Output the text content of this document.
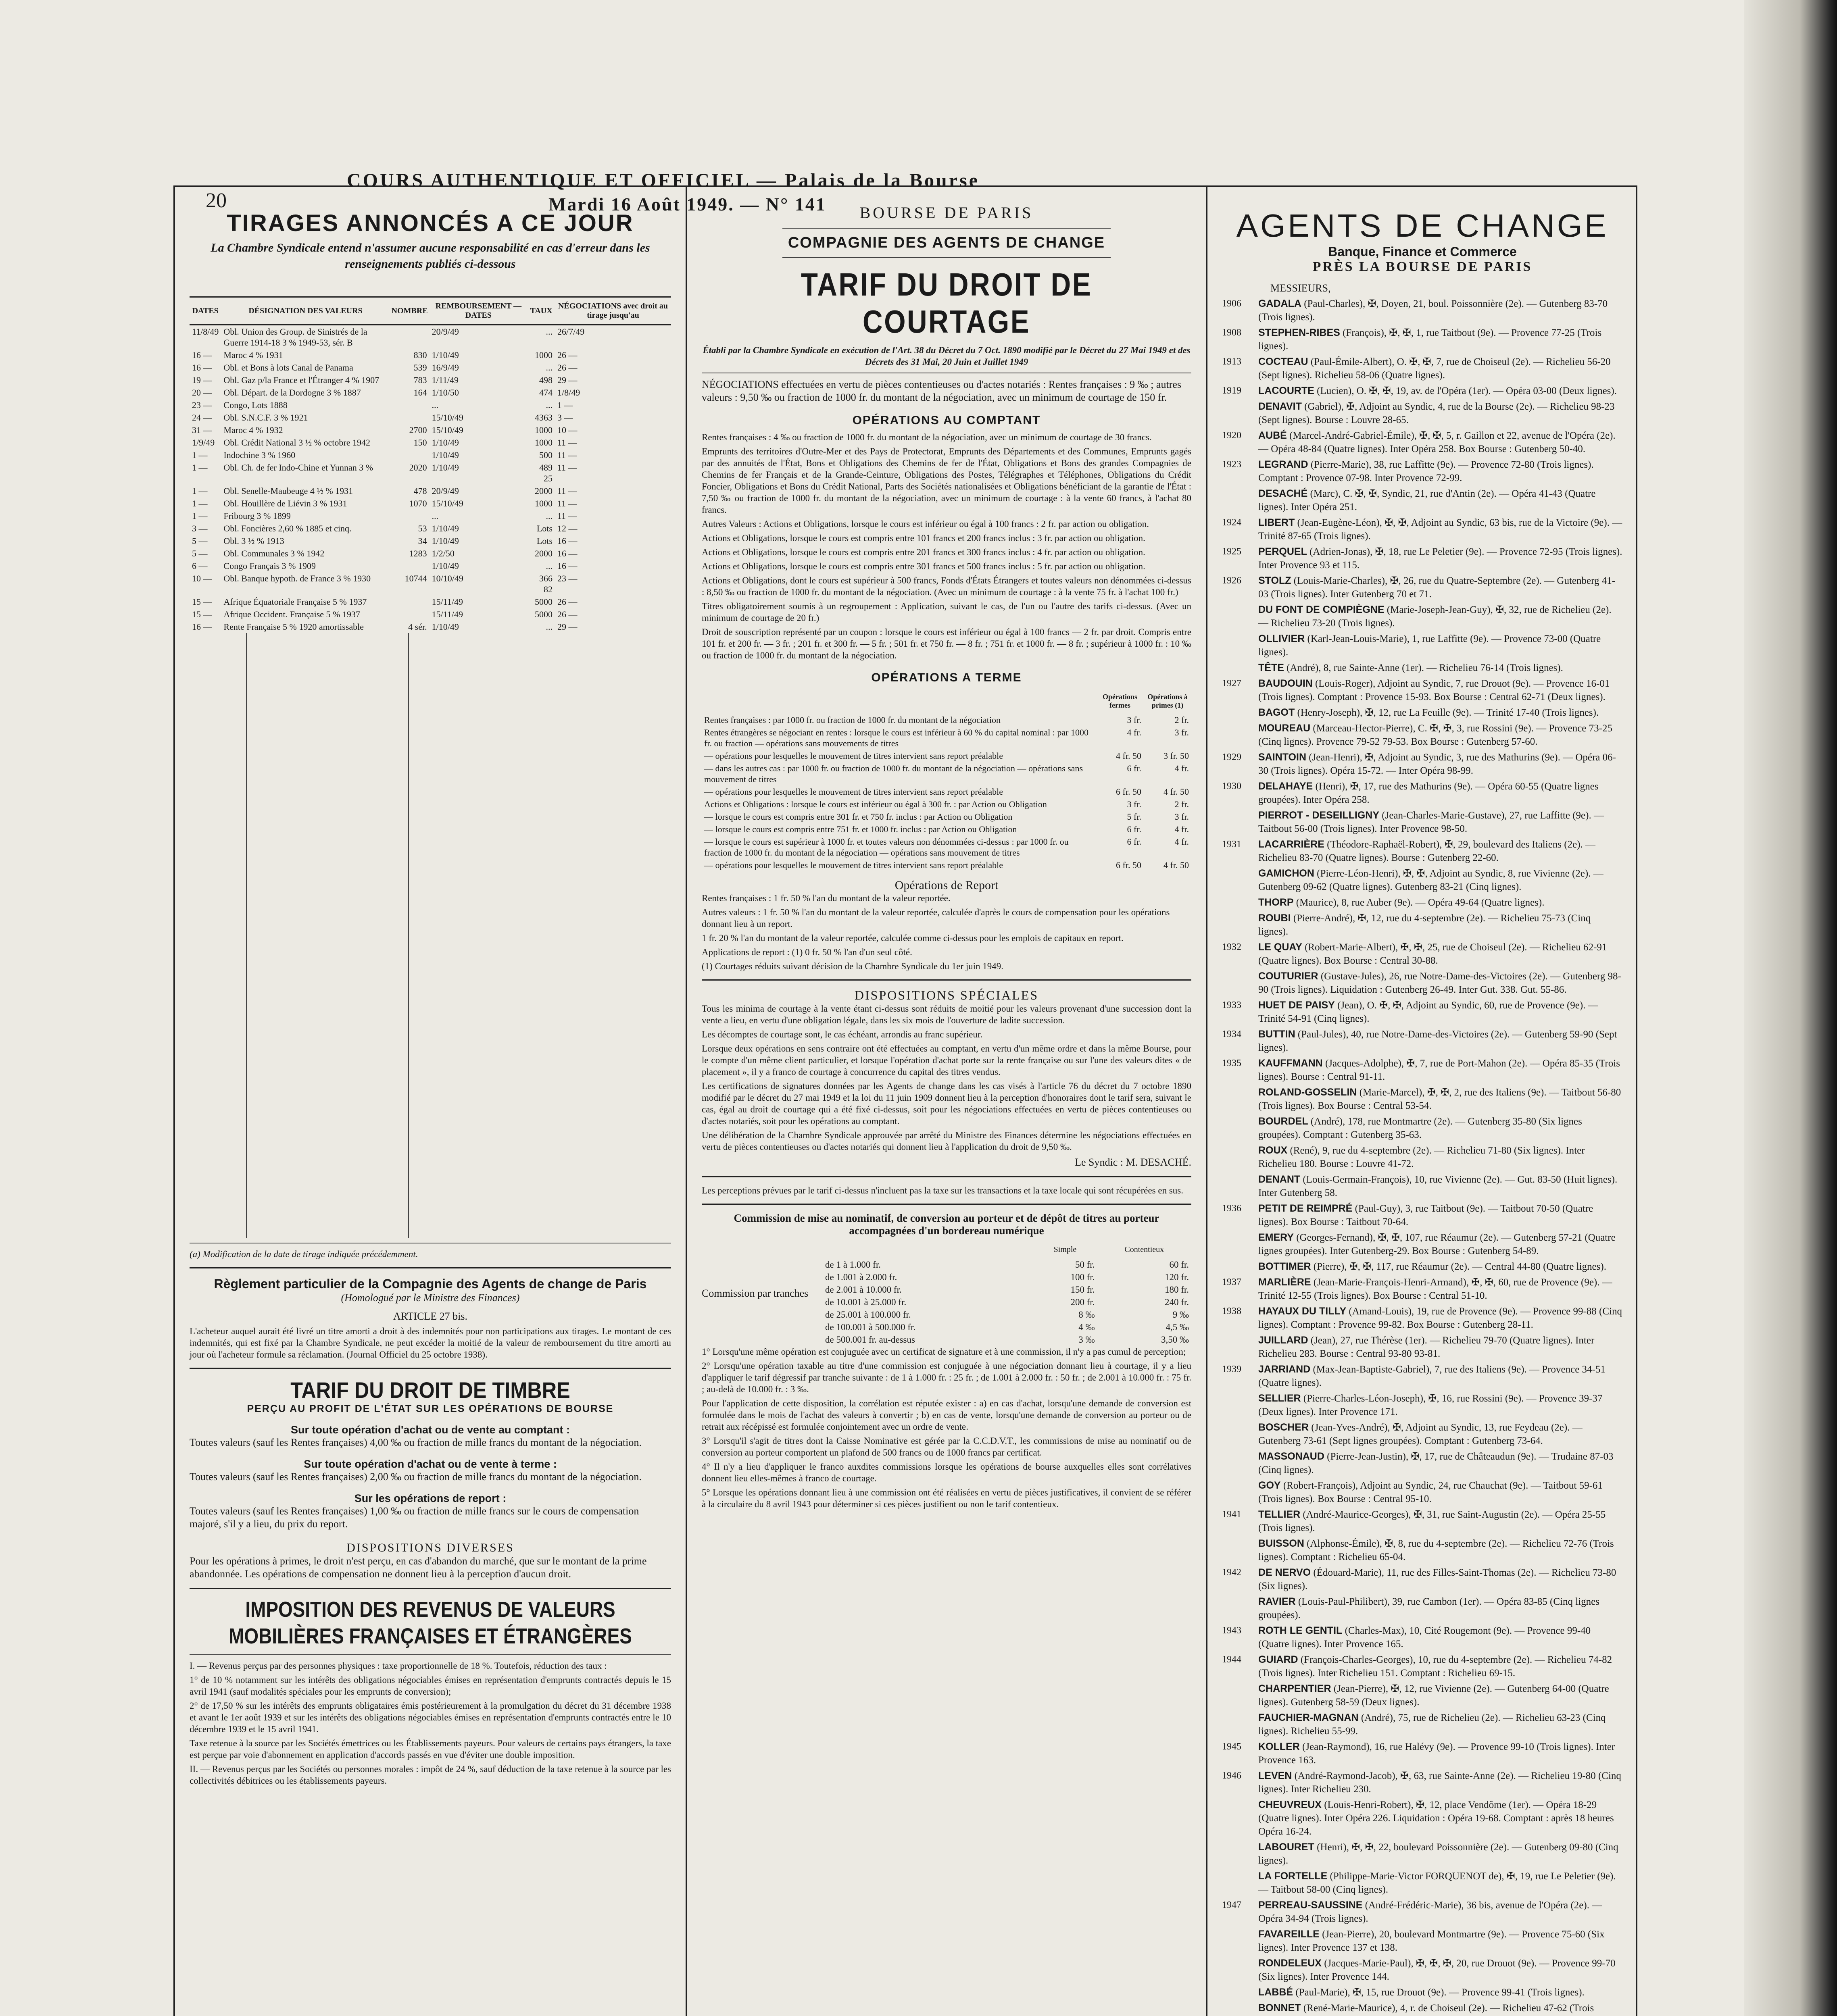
20
COURS AUTHENTIQUE ET OFFICIEL — Palais de la Bourse
Mardi 16 Août 1949. — N° 141
TIRAGES ANNONCÉS A CE JOUR
La Chambre Syndicale entend n'assumer aucune responsabilité en cas d'erreur dans les renseignements publiés ci-dessous
DATES	DÉSIGNATION DES VALEURS	NOMBRE	REMBOURSEMENT — DATES	TAUX	NÉGOCIATIONS avec droit au tirage jusqu'au
11/8/49	Obl. Union des Group. de Sinistrés de la Guerre 1914-18 3 % 1949-53, sér. B		20/9/49	...	26/7/49
16 —	Maroc 4 % 1931	830	1/10/49	1000	26 —
16 —	Obl. et Bons à lots Canal de Panama	539	16/9/49	...	26 —
19 —	Obl. Gaz p/la France et l'Étranger 4 % 1907	783	1/11/49	498	29 —
20 —	Obl. Départ. de la Dordogne 3 % 1887	164	1/10/50	474	1/8/49
23 —	Congo, Lots 1888		...	...	1 —
24 —	Obl. S.N.C.F. 3 % 1921		15/10/49	4363	3 —
31 —	Maroc 4 % 1932	2700	15/10/49	1000	10 —
1/9/49	Obl. Crédit National 3 ½ % octobre 1942	150	1/10/49	1000	11 —
1 —	Indochine 3 % 1960		1/10/49	500	11 —
1 —	Obl. Ch. de fer Indo-Chine et Yunnan 3 %	2020	1/10/49	489 25	11 —
1 —	Obl. Senelle-Maubeuge 4 ½ % 1931	478	20/9/49	2000	11 —
1 —	Obl. Houillère de Liévin 3 % 1931	1070	15/10/49	1000	11 —
1 —	Fribourg 3 % 1899		...	...	11 —
3 —	Obl. Foncières 2,60 % 1885 et cinq.	53	1/10/49	Lots	12 —
5 —	Obl. 3 ½ % 1913	34	1/10/49	Lots	16 —
5 —	Obl. Communales 3 % 1942	1283	1/2/50	2000	16 —
6 —	Congo Français 3 % 1909		1/10/49	...	16 —
10 —	Obl. Banque hypoth. de France 3 % 1930	10744	10/10/49	366 82	23 —
15 —	Afrique Équatoriale Française 5 % 1937		15/11/49	5000	26 —
15 —	Afrique Occident. Française 5 % 1937		15/11/49	5000	26 —
16 —	Rente Française 5 % 1920 amortissable	4 sér.	1/10/49	...	29 —
(a) Modification de la date de tirage indiquée précédemment.
Règlement particulier de la Compagnie des Agents de change de Paris
(Homologué par le Ministre des Finances)
ARTICLE 27 bis.
L'acheteur auquel aurait été livré un titre amorti a droit à des indemnités pour non participations aux tirages. Le montant de ces indemnités, qui est fixé par la Chambre Syndicale, ne peut excéder la moitié de la valeur de remboursement du titre amorti au jour où l'acheteur formule sa réclamation. (Journal Officiel du 25 octobre 1938).
TARIF DU DROIT DE TIMBRE
PERÇU AU PROFIT DE L'ÉTAT SUR LES OPÉRATIONS DE BOURSE
Sur toute opération d'achat ou de vente au comptant :
Toutes valeurs (sauf les Rentes françaises) 4,00 ‰ ou fraction de mille francs du montant de la négociation.
Sur toute opération d'achat ou de vente à terme :
Toutes valeurs (sauf les Rentes françaises) 2,00 ‰ ou fraction de mille francs du montant de la négociation.
Sur les opérations de report :
Toutes valeurs (sauf les Rentes françaises) 1,00 ‰ ou fraction de mille francs sur le cours de compensation majoré, s'il y a lieu, du prix du report.
DISPOSITIONS DIVERSES
Pour les opérations à primes, le droit n'est perçu, en cas d'abandon du marché, que sur le montant de la prime abandonnée. Les opérations de compensation ne donnent lieu à la perception d'aucun droit.
IMPOSITION DES REVENUS DE VALEURS MOBILIÈRES FRANÇAISES ET ÉTRANGÈRES
I. — Revenus perçus par des personnes physiques : taxe proportionnelle de 18 %. Toutefois, réduction des taux :
1° de 10 % notamment sur les intérêts des obligations négociables émises en représentation d'emprunts contractés depuis le 15 avril 1941 (sauf modalités spéciales pour les emprunts de conversion);
2° de 17,50 % sur les intérêts des emprunts obligataires émis postérieurement à la promulgation du décret du 31 décembre 1938 et avant le 1er août 1939 et sur les intérêts des obligations négociables émises en représentation d'emprunts contractés entre le 10 décembre 1939 et le 15 avril 1941.
Taxe retenue à la source par les Sociétés émettrices ou les Établissements payeurs. Pour valeurs de certains pays étrangers, la taxe est perçue par voie d'abonnement en application d'accords passés en vue d'éviter une double imposition.
II. — Revenus perçus par les Sociétés ou personnes morales : impôt de 24 %, sauf déduction de la taxe retenue à la source par les collectivités débitrices ou les établissements payeurs.
BOURSE DE PARIS
COMPAGNIE DES AGENTS DE CHANGE
TARIF DU DROIT DE COURTAGE
Établi par la Chambre Syndicale en exécution de l'Art. 38 du Décret du 7 Oct. 1890 modifié par le Décret du 27 Mai 1949 et des Décrets des 31 Mai, 20 Juin et Juillet 1949
NÉGOCIATIONS effectuées en vertu de pièces contentieuses ou d'actes notariés : Rentes françaises : 9 ‰ ; autres valeurs : 9,50 ‰ ou fraction de 1000 fr. du montant de la négociation, avec un minimum de courtage de 150 fr.
OPÉRATIONS AU COMPTANT
Rentes françaises : 4 ‰ ou fraction de 1000 fr. du montant de la négociation, avec un minimum de courtage de 30 francs.
Emprunts des territoires d'Outre-Mer et des Pays de Protectorat, Emprunts des Départements et des Communes, Emprunts gagés par des annuités de l'État, Bons et Obligations des Chemins de fer de l'État, Obligations et Bons des grandes Compagnies de Chemins de fer Français et de la Grande-Ceinture, Obligations des Postes, Télégraphes et Téléphones, Obligations du Crédit Foncier, Obligations et Bons du Crédit National, Parts des Sociétés nationalisées et Obligations bénéficiant de la garantie de l'État : 7,50 ‰ ou fraction de 1000 fr. du montant de la négociation, avec un minimum de courtage : à la vente 60 francs, à l'achat 80 francs.
Autres Valeurs : Actions et Obligations, lorsque le cours est inférieur ou égal à 100 francs : 2 fr. par action ou obligation.
Actions et Obligations, lorsque le cours est compris entre 101 francs et 200 francs inclus : 3 fr. par action ou obligation.
Actions et Obligations, lorsque le cours est compris entre 201 francs et 300 francs inclus : 4 fr. par action ou obligation.
Actions et Obligations, lorsque le cours est compris entre 301 francs et 500 francs inclus : 5 fr. par action ou obligation.
Actions et Obligations, dont le cours est supérieur à 500 francs, Fonds d'États Étrangers et toutes valeurs non dénommées ci-dessus : 8,50 ‰ ou fraction de 1000 fr. du montant de la négociation. (Avec un minimum de courtage : à la vente 75 fr. à l'achat 100 fr.)
Titres obligatoirement soumis à un regroupement : Application, suivant le cas, de l'un ou l'autre des tarifs ci-dessus. (Avec un minimum de courtage de 20 fr.)
Droit de souscription représenté par un coupon : lorsque le cours est inférieur ou égal à 100 francs — 2 fr. par droit. Compris entre 101 fr. et 200 fr. — 3 fr. ; 201 fr. et 300 fr. — 5 fr. ; 501 fr. et 750 fr. — 8 fr. ; 751 fr. et 1000 fr. — 8 fr. ; supérieur à 1000 fr. : 10 ‰ ou fraction de 1000 fr. du montant de la négociation.
OPÉRATIONS A TERME
	Opérations fermes	Opérations à primes (1)
Rentes françaises : par 1000 fr. ou fraction de 1000 fr. du montant de la négociation	3 fr.	2 fr.
Rentes étrangères se négociant en rentes : lorsque le cours est inférieur à 60 % du capital nominal : par 1000 fr. ou fraction — opérations sans mouvements de titres	4 fr.	3 fr.
— opérations pour lesquelles le mouvement de titres intervient sans report préalable	4 fr. 50	3 fr. 50
— dans les autres cas : par 1000 fr. ou fraction de 1000 fr. du montant de la négociation — opérations sans mouvement de titres	6 fr.	4 fr.
— opérations pour lesquelles le mouvement de titres intervient sans report préalable	6 fr. 50	4 fr. 50
Actions et Obligations : lorsque le cours est inférieur ou égal à 300 fr. : par Action ou Obligation	3 fr.	2 fr.
— lorsque le cours est compris entre 301 fr. et 750 fr. inclus : par Action ou Obligation	5 fr.	3 fr.
— lorsque le cours est compris entre 751 fr. et 1000 fr. inclus : par Action ou Obligation	6 fr.	4 fr.
— lorsque le cours est supérieur à 1000 fr. et toutes valeurs non dénommées ci-dessus : par 1000 fr. ou fraction de 1000 fr. du montant de la négociation — opérations sans mouvement de titres	6 fr.	4 fr.
— opérations pour lesquelles le mouvement de titres intervient sans report préalable	6 fr. 50	4 fr. 50
Opérations de Report
Rentes françaises : 1 fr. 50 % l'an du montant de la valeur reportée.
Autres valeurs : 1 fr. 50 % l'an du montant de la valeur reportée, calculée d'après le cours de compensation pour les opérations donnant lieu à un report.
1 fr. 20 % l'an du montant de la valeur reportée, calculée comme ci-dessus pour les emplois de capitaux en report.
Applications de report : (1) 0 fr. 50 % l'an d'un seul côté.
(1) Courtages réduits suivant décision de la Chambre Syndicale du 1er juin 1949.
DISPOSITIONS SPÉCIALES
Tous les minima de courtage à la vente étant ci-dessus sont réduits de moitié pour les valeurs provenant d'une succession dont la vente a lieu, en vertu d'une obligation légale, dans les six mois de l'ouverture de ladite succession.
Les décomptes de courtage sont, le cas échéant, arrondis au franc supérieur.
Lorsque deux opérations en sens contraire ont été effectuées au comptant, en vertu d'un même ordre et dans la même Bourse, pour le compte d'un même client particulier, et lorsque l'opération d'achat porte sur la rente française ou sur l'une des valeurs dites « de placement », il y a franco de courtage à concurrence du capital des titres vendus.
Les certifications de signatures données par les Agents de change dans les cas visés à l'article 76 du décret du 7 octobre 1890 modifié par le décret du 27 mai 1949 et la loi du 11 juin 1909 donnent lieu à la perception d'honoraires dont le tarif sera, suivant le cas, égal au droit de courtage qui a été fixé ci-dessus, soit pour les négociations effectuées en vertu de pièces contentieuses ou d'actes notariés, soit pour les opérations au comptant.
Une délibération de la Chambre Syndicale approuvée par arrêté du Ministre des Finances détermine les négociations effectuées en vertu de pièces contentieuses ou d'actes notariés qui donnent lieu à l'application du droit de 9,50 ‰.
Le Syndic : M. DESACHÉ.
Les perceptions prévues par le tarif ci-dessus n'incluent pas la taxe sur les transactions et la taxe locale qui sont récupérées en sus.
Commission de mise au nominatif, de conversion au porteur et de dépôt de titres au porteur accompagnées d'un bordereau numérique
Commission par tranches
	Simple	Contentieux
de 1 à 1.000 fr.	50 fr.	60 fr.
de 1.001 à 2.000 fr.	100 fr.	120 fr.
de 2.001 à 10.000 fr.	150 fr.	180 fr.
de 10.001 à 25.000 fr.	200 fr.	240 fr.
de 25.001 à 100.000 fr.	8 ‰	9 ‰
de 100.001 à 500.000 fr.	4 ‰	4,5 ‰
de 500.001 fr. au-dessus	3 ‰	3,50 ‰
1° Lorsqu'une même opération est conjuguée avec un certificat de signature et à une commission, il n'y a pas cumul de perception;
2° Lorsqu'une opération taxable au titre d'une commission est conjuguée à une négociation donnant lieu à courtage, il y a lieu d'appliquer le tarif dégressif par tranche suivante : de 1 à 1.000 fr. : 25 fr. ; de 1.001 à 2.000 fr. : 50 fr. ; de 2.001 à 10.000 fr. : 75 fr. ; au-delà de 10.000 fr. : 3 ‰.
Pour l'application de cette disposition, la corrélation est réputée exister : a) en cas d'achat, lorsqu'une demande de conversion est formulée dans le mois de l'achat des valeurs à convertir ; b) en cas de vente, lorsqu'une demande de conversion au porteur ou de retrait aux récépissé est formulée conjointement avec un ordre de vente.
3° Lorsqu'il s'agit de titres dont la Caisse Nominative est gérée par la C.C.D.V.T., les commissions de mise au nominatif ou de conversion au porteur comportent un plafond de 500 francs ou de 1000 francs par certificat.
4° Il n'y a lieu d'appliquer le franco auxdites commissions lorsque les opérations de bourse auxquelles elles sont corrélatives donnent lieu elles-mêmes à franco de courtage.
5° Lorsque les opérations donnant lieu à une commission ont été réalisées en vertu de pièces justificatives, il convient de se référer à la circulaire du 8 avril 1943 pour déterminer si ces pièces justifient ou non le tarif contentieux.
AGENTS DE CHANGE
Banque, Finance et Commerce
PRÈS LA BOURSE DE PARIS
MESSIEURS,
1906	GADALA (Paul-Charles), ✠, Doyen, 21, boul. Poissonnière (2e). — Gutenberg 83-70 (Trois lignes).
1908	STEPHEN-RIBES (François), ✠, ✠, 1, rue Taitbout (9e). — Provence 77-25 (Trois lignes).
1913	COCTEAU (Paul-Émile-Albert), O. ✠, ✠, 7, rue de Choiseul (2e). — Richelieu 56-20 (Sept lignes). Richelieu 58-06 (Quatre lignes).
1919	LACOURTE (Lucien), O. ✠, ✠, 19, av. de l'Opéra (1er). — Opéra 03-00 (Deux lignes).
DENAVIT (Gabriel), ✠, Adjoint au Syndic, 4, rue de la Bourse (2e). — Richelieu 98-23 (Sept lignes). Bourse : Louvre 28-65.
1920	AUBÉ (Marcel-André-Gabriel-Émile), ✠, ✠, 5, r. Gaillon et 22, avenue de l'Opéra (2e). — Opéra 48-84 (Quatre lignes). Inter Opéra 258. Box Bourse : Gutenberg 50-40.
1923	LEGRAND (Pierre-Marie), 38, rue Laffitte (9e). — Provence 72-80 (Trois lignes). Comptant : Provence 07-98. Inter Provence 72-99.
DESACHÉ (Marc), C. ✠, ✠, Syndic, 21, rue d'Antin (2e). — Opéra 41-43 (Quatre lignes). Inter Opéra 251.
1924	LIBERT (Jean-Eugène-Léon), ✠, ✠, Adjoint au Syndic, 63 bis, rue de la Victoire (9e). — Trinité 87-65 (Trois lignes).
1925	PERQUEL (Adrien-Jonas), ✠, 18, rue Le Peletier (9e). — Provence 72-95 (Trois lignes). Inter Provence 93 et 115.
1926	STOLZ (Louis-Marie-Charles), ✠, 26, rue du Quatre-Septembre (2e). — Gutenberg 41-03 (Trois lignes). Inter Gutenberg 70 et 71.
DU FONT DE COMPIÈGNE (Marie-Joseph-Jean-Guy), ✠, 32, rue de Richelieu (2e). — Richelieu 73-20 (Trois lignes).
OLLIVIER (Karl-Jean-Louis-Marie), 1, rue Laffitte (9e). — Provence 73-00 (Quatre lignes).
TÊTE (André), 8, rue Sainte-Anne (1er). — Richelieu 76-14 (Trois lignes).
1927	BAUDOUIN (Louis-Roger), Adjoint au Syndic, 7, rue Drouot (9e). — Provence 16-01 (Trois lignes). Comptant : Provence 15-93. Box Bourse : Central 62-71 (Deux lignes).
BAGOT (Henry-Joseph), ✠, 12, rue La Feuille (9e). — Trinité 17-40 (Trois lignes).
MOUREAU (Marceau-Hector-Pierre), C. ✠, ✠, 3, rue Rossini (9e). — Provence 73-25 (Cinq lignes). Provence 79-52 79-53. Box Bourse : Gutenberg 57-60.
1929	SAINTOIN (Jean-Henri), ✠, Adjoint au Syndic, 3, rue des Mathurins (9e). — Opéra 06-30 (Trois lignes). Opéra 15-72. — Inter Opéra 98-99.
1930	DELAHAYE (Henri), ✠, 17, rue des Mathurins (9e). — Opéra 60-55 (Quatre lignes groupées). Inter Opéra 258.
PIERROT - DESEILLIGNY (Jean-Charles-Marie-Gustave), 27, rue Laffitte (9e). — Taitbout 56-00 (Trois lignes). Inter Provence 98-50.
1931	LACARRIÈRE (Théodore-Raphaël-Robert), ✠, 29, boulevard des Italiens (2e). — Richelieu 83-70 (Quatre lignes). Bourse : Gutenberg 22-60.
GAMICHON (Pierre-Léon-Henri), ✠, ✠, Adjoint au Syndic, 8, rue Vivienne (2e). — Gutenberg 09-62 (Quatre lignes). Gutenberg 83-21 (Cinq lignes).
THORP (Maurice), 8, rue Auber (9e). — Opéra 49-64 (Quatre lignes).
ROUBI (Pierre-André), ✠, 12, rue du 4-septembre (2e). — Richelieu 75-73 (Cinq lignes).
1932	LE QUAY (Robert-Marie-Albert), ✠, ✠, 25, rue de Choiseul (2e). — Richelieu 62-91 (Quatre lignes). Box Bourse : Central 30-88.
COUTURIER (Gustave-Jules), 26, rue Notre-Dame-des-Victoires (2e). — Gutenberg 98-90 (Trois lignes). Liquidation : Gutenberg 26-49. Inter Gut. 338. Gut. 55-86.
1933	HUET DE PAISY (Jean), O. ✠, ✠, Adjoint au Syndic, 60, rue de Provence (9e). — Trinité 54-91 (Cinq lignes).
1934	BUTTIN (Paul-Jules), 40, rue Notre-Dame-des-Victoires (2e). — Gutenberg 59-90 (Sept lignes).
1935	KAUFFMANN (Jacques-Adolphe), ✠, 7, rue de Port-Mahon (2e). — Opéra 85-35 (Trois lignes). Bourse : Central 91-11.
ROLAND-GOSSELIN (Marie-Marcel), ✠, ✠, 2, rue des Italiens (9e). — Taitbout 56-80 (Trois lignes). Box Bourse : Central 53-54.
BOURDEL (André), 178, rue Montmartre (2e). — Gutenberg 35-80 (Six lignes groupées). Comptant : Gutenberg 35-63.
ROUX (René), 9, rue du 4-septembre (2e). — Richelieu 71-80 (Six lignes). Inter Richelieu 180. Bourse : Louvre 41-72.
DENANT (Louis-Germain-François), 10, rue Vivienne (2e). — Gut. 83-50 (Huit lignes). Inter Gutenberg 58.
1936	PETIT DE REIMPRÉ (Paul-Guy), 3, rue Taitbout (9e). — Taitbout 70-50 (Quatre lignes). Box Bourse : Taitbout 70-64.
EMERY (Georges-Fernand), ✠, ✠, 107, rue Réaumur (2e). — Gutenberg 57-21 (Quatre lignes groupées). Inter Gutenberg-29. Box Bourse : Gutenberg 54-89.
BOTTIMER (Pierre), ✠, ✠, 117, rue Réaumur (2e). — Central 44-80 (Quatre lignes).
1937	MARLIÈRE (Jean-Marie-François-Henri-Armand), ✠, ✠, 60, rue de Provence (9e). — Trinité 12-55 (Trois lignes). Box Bourse : Central 51-10.
1938	HAYAUX DU TILLY (Amand-Louis), 19, rue de Provence (9e). — Provence 99-88 (Cinq lignes). Comptant : Provence 99-82. Box Bourse : Gutenberg 28-11.
JUILLARD (Jean), 27, rue Thérèse (1er). — Richelieu 79-70 (Quatre lignes). Inter Richelieu 283. Bourse : Central 93-80 93-81.
1939	JARRIAND (Max-Jean-Baptiste-Gabriel), 7, rue des Italiens (9e). — Provence 34-51 (Quatre lignes).
SELLIER (Pierre-Charles-Léon-Joseph), ✠, 16, rue Rossini (9e). — Provence 39-37 (Deux lignes). Inter Provence 171.
BOSCHER (Jean-Yves-André), ✠, Adjoint au Syndic, 13, rue Feydeau (2e). — Gutenberg 73-61 (Sept lignes groupées). Comptant : Gutenberg 73-64.
MASSONAUD (Pierre-Jean-Justin), ✠, 17, rue de Châteaudun (9e). — Trudaine 87-03 (Cinq lignes).
GOY (Robert-François), Adjoint au Syndic, 24, rue Chauchat (9e). — Taitbout 59-61 (Trois lignes). Box Bourse : Central 95-10.
1941	TELLIER (André-Maurice-Georges), ✠, 31, rue Saint-Augustin (2e). — Opéra 25-55 (Trois lignes).
BUISSON (Alphonse-Émile), ✠, 8, rue du 4-septembre (2e). — Richelieu 72-76 (Trois lignes). Comptant : Richelieu 65-04.
1942	DE NERVO (Édouard-Marie), 11, rue des Filles-Saint-Thomas (2e). — Richelieu 73-80 (Six lignes).
RAVIER (Louis-Paul-Philibert), 39, rue Cambon (1er). — Opéra 83-85 (Cinq lignes groupées).
1943	ROTH LE GENTIL (Charles-Max), 10, Cité Rougemont (9e). — Provence 99-40 (Quatre lignes). Inter Provence 165.
1944	GUIARD (François-Charles-Georges), 10, rue du 4-septembre (2e). — Richelieu 74-82 (Trois lignes). Inter Richelieu 151. Comptant : Richelieu 69-15.
CHARPENTIER (Jean-Pierre), ✠, 12, rue Vivienne (2e). — Gutenberg 64-00 (Quatre lignes). Gutenberg 58-59 (Deux lignes).
FAUCHIER-MAGNAN (André), 75, rue de Richelieu (2e). — Richelieu 63-23 (Cinq lignes). Richelieu 55-99.
1945	KOLLER (Jean-Raymond), 16, rue Halévy (9e). — Provence 99-10 (Trois lignes). Inter Provence 163.
1946	LEVEN (André-Raymond-Jacob), ✠, 63, rue Sainte-Anne (2e). — Richelieu 19-80 (Cinq lignes). Inter Richelieu 230.
CHEUVREUX (Louis-Henri-Robert), ✠, 12, place Vendôme (1er). — Opéra 18-29 (Quatre lignes). Inter Opéra 226. Liquidation : Opéra 19-68. Comptant : après 18 heures Opéra 16-24.
LABOURET (Henri), ✠, ✠, 22, boulevard Poissonnière (2e). — Gutenberg 09-80 (Cinq lignes).
LA FORTELLE (Philippe-Marie-Victor FORQUENOT de), ✠, 19, rue Le Peletier (9e). — Taitbout 58-00 (Cinq lignes).
1947	PERREAU-SAUSSINE (André-Frédéric-Marie), 36 bis, avenue de l'Opéra (2e). — Opéra 34-94 (Trois lignes).
FAVAREILLE (Jean-Pierre), 20, boulevard Montmartre (9e). — Provence 75-60 (Six lignes). Inter Provence 137 et 138.
RONDELEUX (Jacques-Marie-Paul), ✠, ✠, ✠, 20, rue Drouot (9e). — Provence 99-70 (Six lignes). Inter Provence 144.
LABBÉ (Paul-Marie), ✠, 15, rue Drouot (9e). — Provence 99-41 (Trois lignes).
BONNET (René-Marie-Maurice), 4, r. de Choiseul (2e). — Richelieu 47-62 (Trois
